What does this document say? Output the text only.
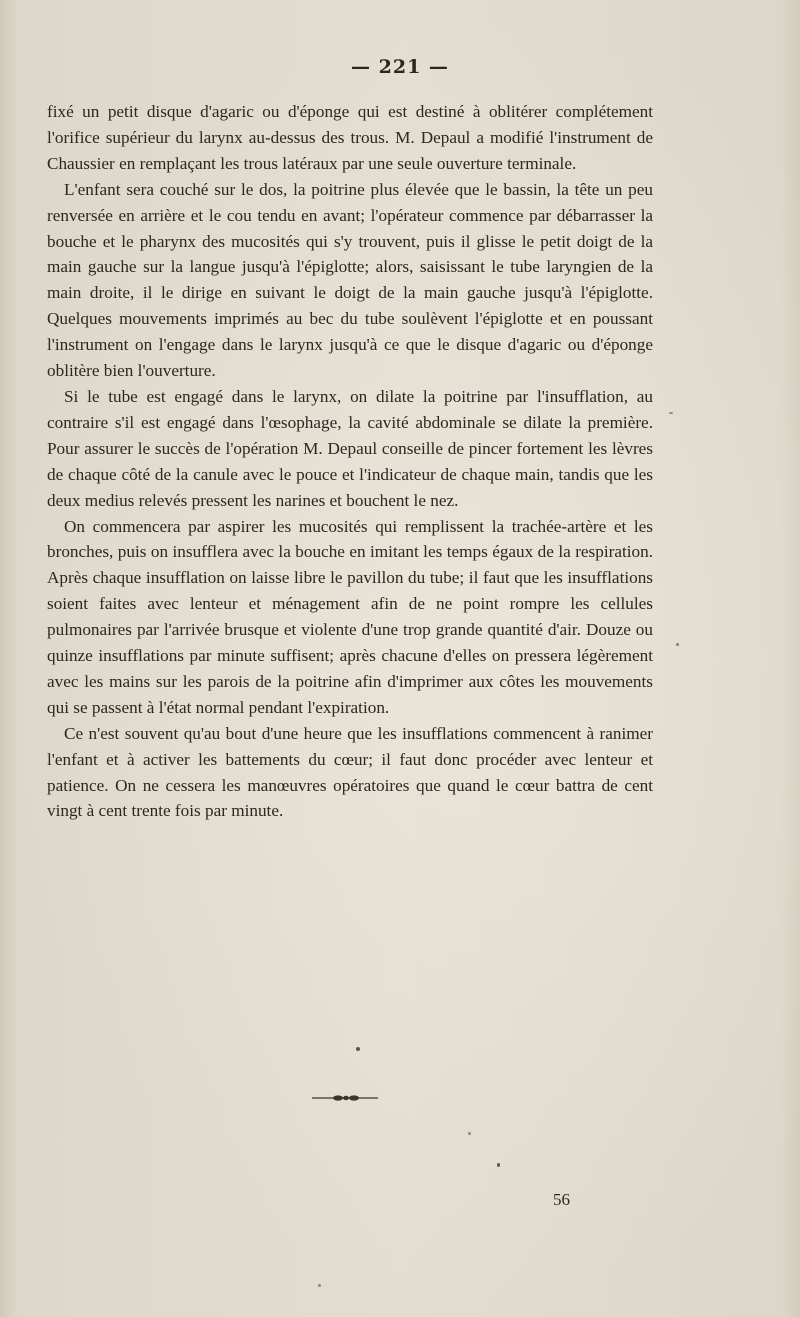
— 221 —

fixé un petit disque d'agaric ou d'éponge qui est destiné à oblitérer complétement l'orifice supérieur du larynx au-dessus des trous. M. Depaul a modifié l'instrument de Chaussier en remplaçant les trous latéraux par une seule ouverture terminale.

L'enfant sera couché sur le dos, la poitrine plus élevée que le bassin, la tête un peu renversée en arrière et le cou tendu en avant; l'opérateur commence par débarrasser la bouche et le pharynx des mucosités qui s'y trouvent, puis il glisse le petit doigt de la main gauche sur la langue jusqu'à l'épiglotte; alors, saisissant le tube laryngien de la main droite, il le dirige en suivant le doigt de la main gauche jusqu'à l'épiglotte. Quelques mouvements imprimés au bec du tube soulèvent l'épiglotte et en poussant l'instrument on l'engage dans le larynx jusqu'à ce que le disque d'agaric ou d'éponge oblitère bien l'ouverture.

Si le tube est engagé dans le larynx, on dilate la poitrine par l'insufflation, au contraire s'il est engagé dans l'œsophage, la cavité abdominale se dilate la première. Pour assurer le succès de l'opération M. Depaul conseille de pincer fortement les lèvres de chaque côté de la canule avec le pouce et l'indicateur de chaque main, tandis que les deux medius relevés pressent les narines et bouchent le nez.

On commencera par aspirer les mucosités qui remplissent la trachée-artère et les bronches, puis on insufflera avec la bouche en imitant les temps égaux de la respiration. Après chaque insufflation on laisse libre le pavillon du tube; il faut que les insufflations soient faites avec lenteur et ménagement afin de ne point rompre les cellules pulmonaires par l'arrivée brusque et violente d'une trop grande quantité d'air. Douze ou quinze insufflations par minute suffisent; après chacune d'elles on pressera légèrement avec les mains sur les parois de la poitrine afin d'imprimer aux côtes les mouvements qui se passent à l'état normal pendant l'expiration.

Ce n'est souvent qu'au bout d'une heure que les insufflations commencent à ranimer l'enfant et à activer les battements du cœur; il faut donc procéder avec lenteur et patience. On ne cessera les manœuvres opératoires que quand le cœur battra de cent vingt à cent trente fois par minute.

56
